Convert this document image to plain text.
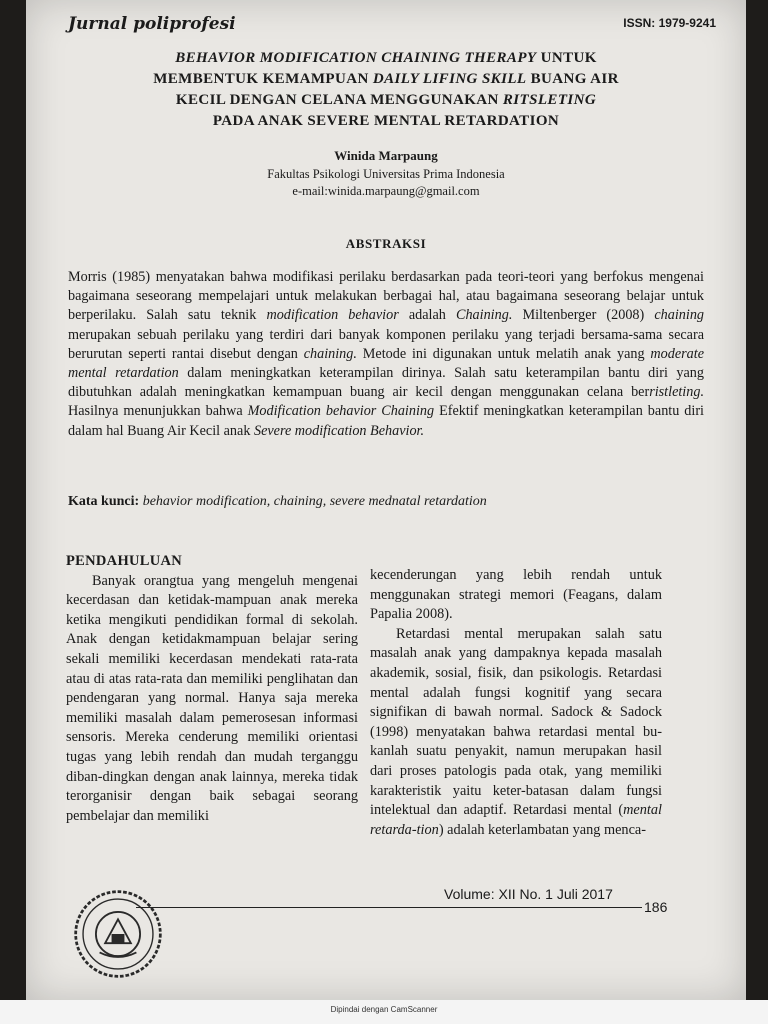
Jurnal poliprofesi	ISSN: 1979-9241
BEHAVIOR MODIFICATION CHAINING THERAPY UNTUK
MEMBENTUK KEMAMPUAN DAILY LIFING SKILL BUANG AIR
KECIL DENGAN CELANA MENGGUNAKAN RITSLETING
PADA ANAK SEVERE MENTAL RETARDATION
Winida Marpaung
Fakultas Psikologi Universitas Prima Indonesia
e-mail:winida.marpaung@gmail.com
ABSTRAKSI

Morris (1985) menyatakan bahwa modifikasi perilaku berdasarkan pada teori-teori yang berfokus mengenai bagaimana seseorang mempelajari untuk melakukan berbagai hal, atau bagaimana seseorang belajar untuk berperilaku. Salah satu teknik modification behavior adalah Chaining. Miltenberger (2008) chaining merupakan sebuah perilaku yang terdiri dari banyak komponen perilaku yang terjadi bersama-sama secara berurutan seperti rantai disebut dengan chaining. Metode ini digunakan untuk melatih anak yang moderate mental retardation dalam meningkatkan keterampilan dirinya. Salah satu keterampilan bantu diri yang dibutuhkan adalah meningkatkan kemampuan buang air kecil dengan menggunakan celana berristleting. Hasilnya menunjukkan bahwa Modification behavior Chaining Efektif meningkatkan keterampilan bantu diri dalam hal Buang Air Kecil anak Severe modification Behavior.

Kata kunci: behavior modification, chaining, severe mednatal retardation
PENDAHULUAN

Banyak orangtua yang mengeluh mengenai kecerdasan dan ketidak-mampuan anak mereka ketika mengikuti pendidikan formal di sekolah. Anak dengan ketidakmampuan belajar sering sekali memiliki kecerdasan mendekati rata-rata atau di atas rata-rata dan memiliki penglihatan dan pendengaran yang normal. Hanya saja mereka memiliki masalah dalam pemerosesan informasi sensoris. Mereka cenderung memiliki orientasi tugas yang lebih rendah dan mudah terganggu diban-dingkan dengan anak lainnya, mereka tidak terorganisir dengan baik sebagai seorang pembelajar dan memiliki

kecenderungan yang lebih rendah untuk menggunakan strategi memori (Feagans, dalam Papalia 2008).

Retardasi mental merupakan salah satu masalah anak yang dampaknya kepada masalah akademik, sosial, fisik, dan psikologis. Retardasi mental adalah fungsi kognitif yang secara signifikan di bawah normal. Sadock & Sadock (1998) menyatakan bahwa retardasi mental bu-kanlah suatu penyakit, namun merupakan hasil dari proses patologis pada otak, yang memiliki karakteristik yaitu keter-batasan dalam fungsi intelektual dan adaptif. Retardasi mental (mental retarda-tion) adalah keterlambatan yang menca-

Volume: XII No. 1 Juli 2017
186
Dipindai dengan CamScanner
